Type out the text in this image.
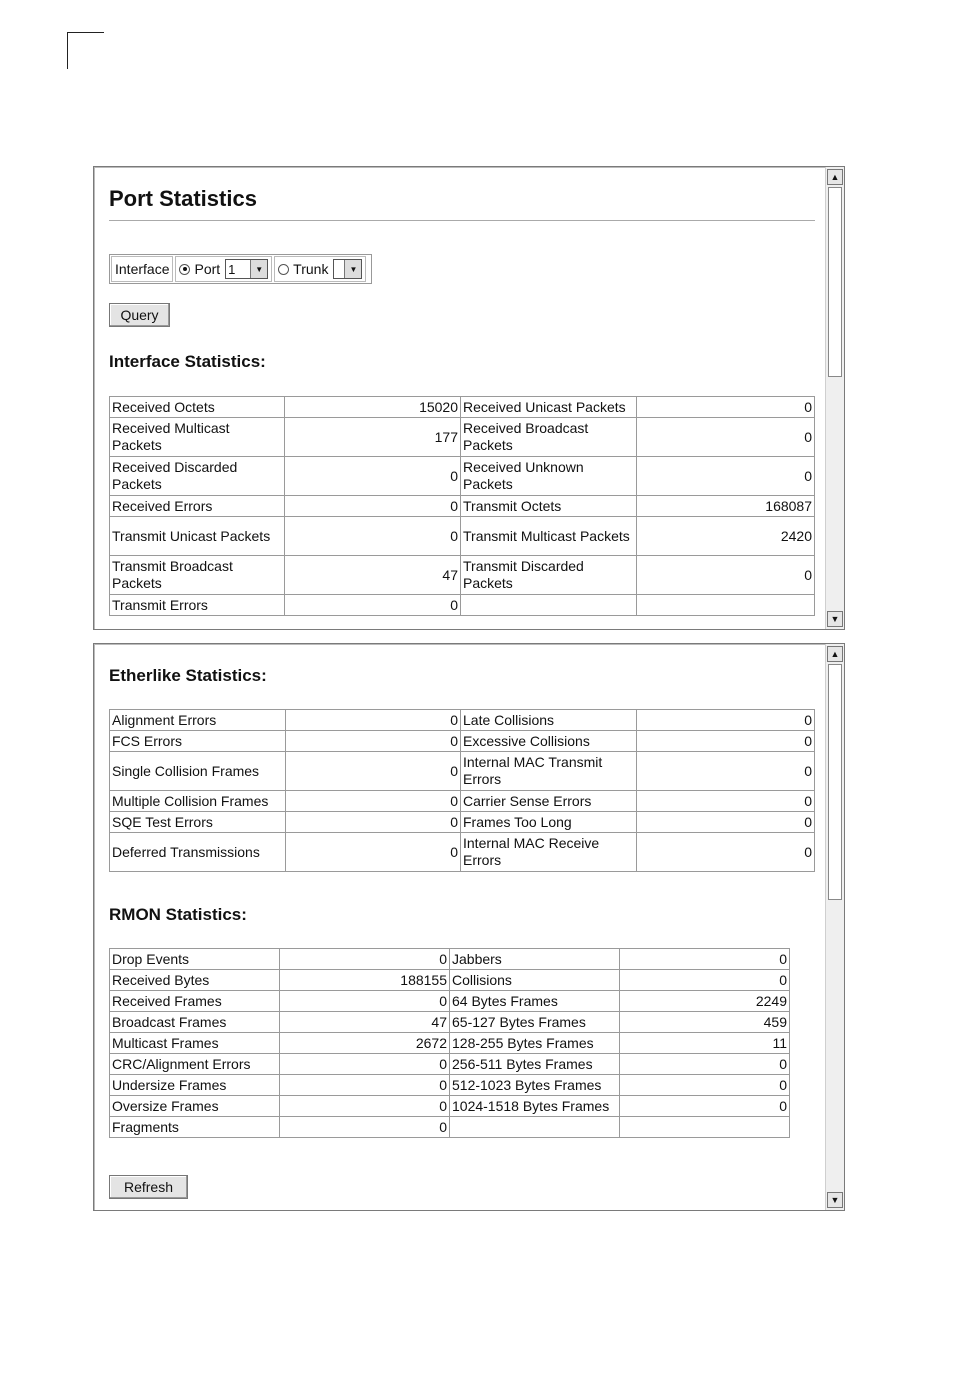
Port Statistics
Interface Port 1	▼ Trunk	▼
Query
Interface Statistics:
Received Octets	15020	Received Unicast Packets	0
Received Multicast Packets	177	Received Broadcast Packets	0
Received Discarded Packets	0	Received Unknown Packets	0
Received Errors	0	Transmit Octets	168087
Transmit Unicast Packets	0	Transmit Multicast Packets	2420
Transmit Broadcast Packets	47	Transmit Discarded Packets	0
Transmit Errors	0		
▲
▼
Etherlike Statistics:
Alignment Errors	0	Late Collisions	0
FCS Errors	0	Excessive Collisions	0
Single Collision Frames	0	Internal MAC Transmit Errors	0
Multiple Collision Frames	0	Carrier Sense Errors	0
SQE Test Errors	0	Frames Too Long	0
Deferred Transmissions	0	Internal MAC Receive Errors	0
RMON Statistics:
Drop Events	0	Jabbers	0
Received Bytes	188155	Collisions	0
Received Frames	0	64 Bytes Frames	2249
Broadcast Frames	47	65-127 Bytes Frames	459
Multicast Frames	2672	128-255 Bytes Frames	11
CRC/Alignment Errors	0	256-511 Bytes Frames	0
Undersize Frames	0	512-1023 Bytes Frames	0
Oversize Frames	0	1024-1518 Bytes Frames	0
Fragments	0		
Refresh
▲
▼
